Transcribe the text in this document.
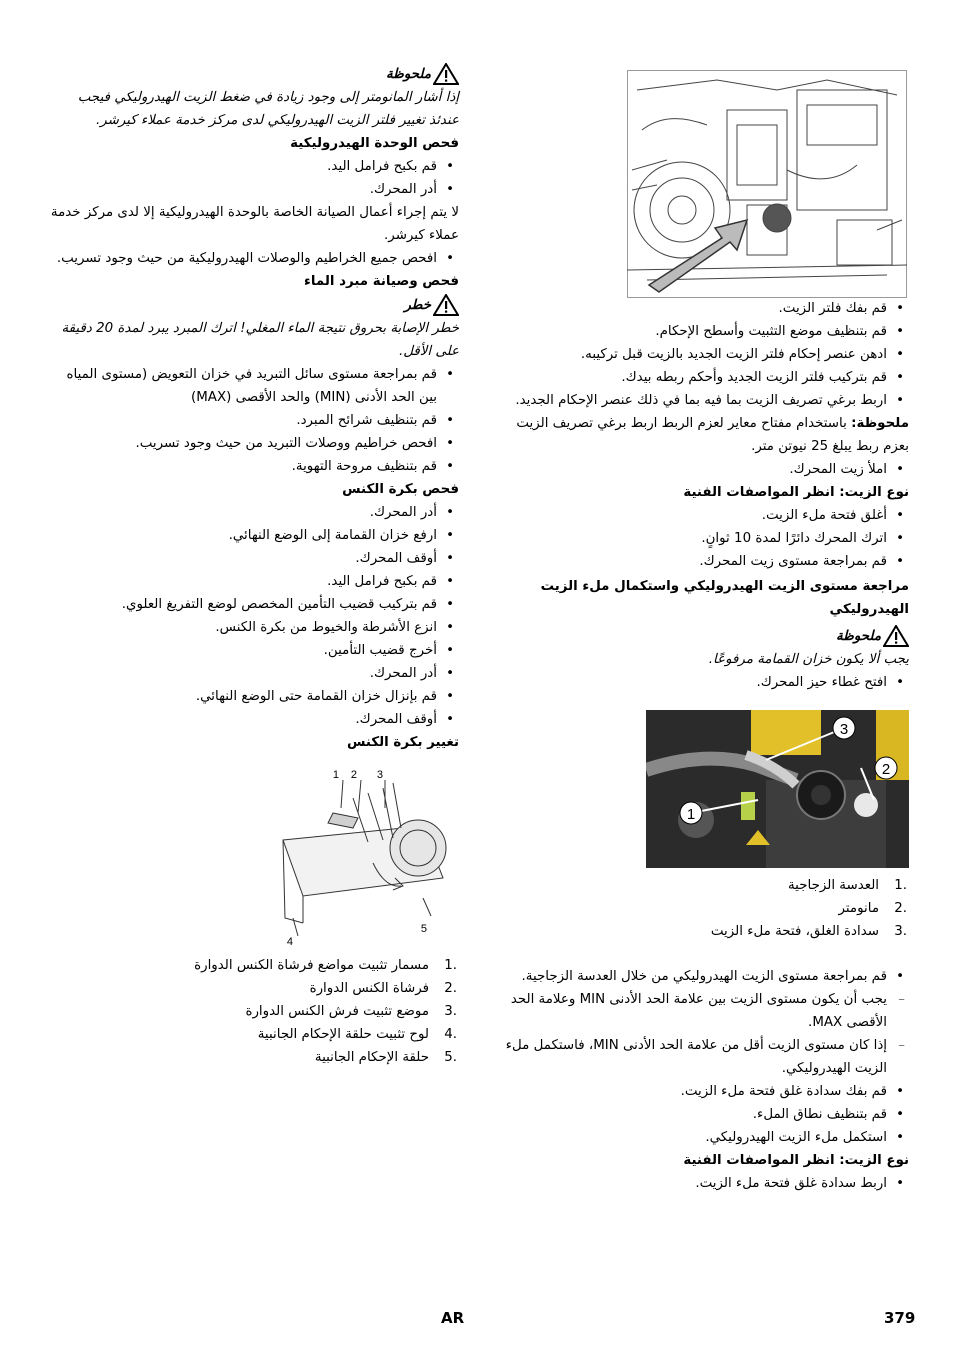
• قم بفك فلتر الزيت.
• قم بتنظيف موضع التثبيت وأسطح الإحكام.
• ادهن عنصر إحكام فلتر الزيت الجديد بالزيت قبل تركيبه.
• قم بتركيب فلتر الزيت الجديد وأحكم ربطه بيدك.
• اربط برغي تصريف الزيت بما فيه بما في ذلك عنصر الإحكام الجديد.

ملحوظة: باستخدام مفتاح معاير لعزم الربط اربط برغي تصريف الزيت بعزم ربط يبلغ 25 نيوتن متر.

• املأ زيت المحرك.

نوع الزيت: انظر المواصفات الفنية

• أغلق فتحة ملء الزيت.
• اترك المحرك دائرًا لمدة 10 ثوانٍ.
• قم بمراجعة مستوى زيت المحرك.

مراجعة مستوى الزيت الهيدروليكي واستكمال ملء الزيت الهيدروليكي

ملحوظة

يجب ألا يكون خزان القمامة مرفوعًا.

• افتح غطاء حيز المحرك.
1
2
3
1.
العدسة الزجاجية
2.
مانومتر
3.
سدادة الغلق، فتحة ملء الزيت
• قم بمراجعة مستوى الزيت الهيدروليكي من خلال العدسة الزجاجية.
– يجب أن يكون مستوى الزيت بين علامة الحد الأدنى MIN وعلامة الحد الأقصى MAX.
– إذا كان مستوى الزيت أقل من علامة الحد الأدنى MIN، فاستكمل ملء الزيت الهيدروليكي.
• قم بفك سدادة غلق فتحة ملء الزيت.
• قم بتنظيف نطاق الملء.
• استكمل ملء الزيت الهيدروليكي.

نوع الزيت: انظر المواصفات الفنية

• اربط سدادة غلق فتحة ملء الزيت.
ملحوظة

إذا أشار المانومتر إلى وجود زيادة في ضغط الزيت الهيدروليكي فيجب عندئذ تغيير فلتر الزيت الهيدروليكي لدى مركز خدمة عملاء كيرشر.

فحص الوحدة الهيدروليكية

• قم بكبح فرامل اليد.
• أدر المحرك.

لا يتم إجراء أعمال الصيانة الخاصة بالوحدة الهيدروليكية إلا لدى مركز خدمة عملاء كيرشر.

• افحص جميع الخراطيم والوصلات الهيدروليكية من حيث وجود تسريب.

فحص وصيانة مبرد الماء

خطر

خطر الإصابة بحروق نتيجة الماء المغلي! اترك المبرد يبرد لمدة 20 دقيقة على الأقل.

• قم بمراجعة مستوى سائل التبريد في خزان التعويض (مستوى المياه بين الحد الأدنى (MIN) والحد الأقصى (MAX)
• قم بتنظيف شرائح المبرد.
• افحص خراطيم ووصلات التبريد من حيث وجود تسريب.
• قم بتنظيف مروحة التهوية.

فحص بكرة الكنس

• أدر المحرك.
• ارفع خزان القمامة إلى الوضع النهائي.
• أوقف المحرك.
• قم بكبح فرامل اليد.
• قم بتركيب قضيب التأمين المخصص لوضع التفريغ العلوي.
• انزع الأشرطة والخيوط من بكرة الكنس.
• أخرج قضيب التأمين.
• أدر المحرك.
• قم بإنزال خزان القمامة حتى الوضع النهائي.
• أوقف المحرك.

تغيير بكرة الكنس

1 2 3
4
5
1.
مسمار تثبيت مواضع فرشاة الكنس الدوارة
2.
فرشاة الكنس الدوارة
3.
موضع تثبيت فرش الكنس الدوارة
4.
لوح تثبيت حلقة الإحكام الجانبية
5.
حلقة الإحكام الجانبية
379
AR
